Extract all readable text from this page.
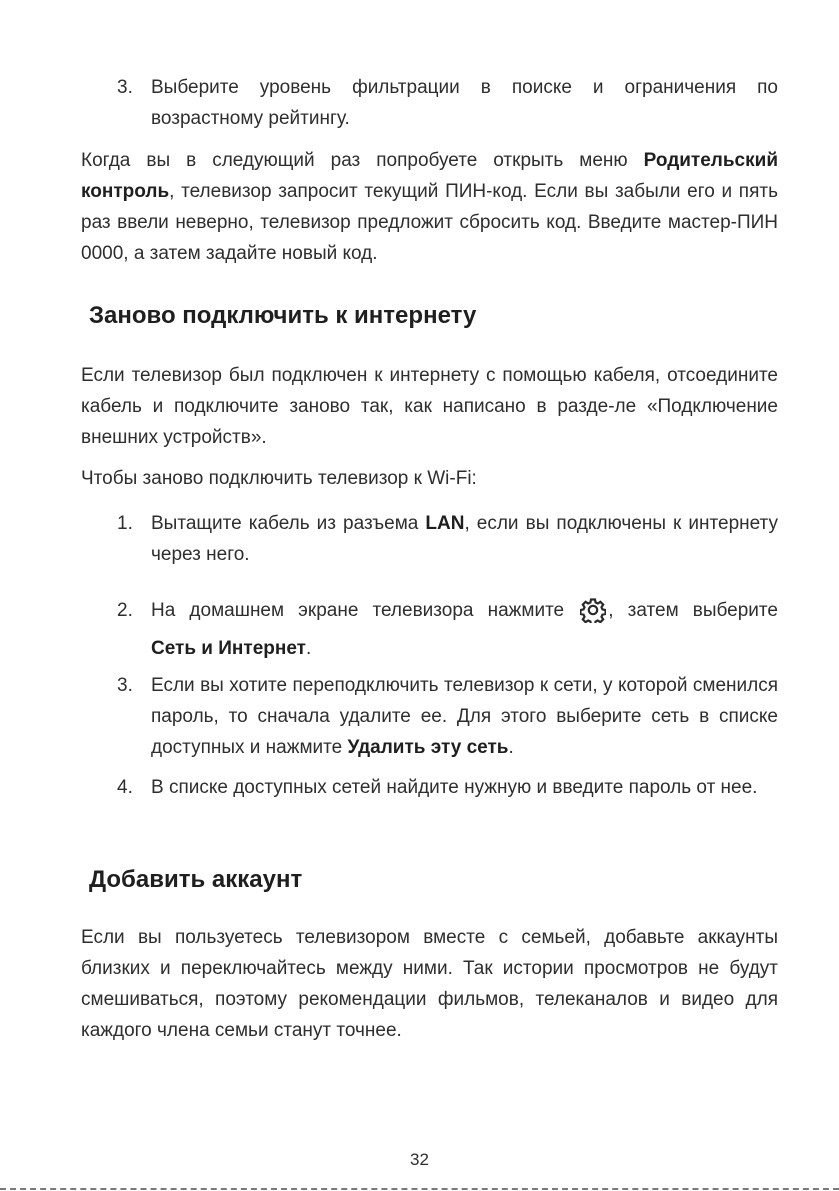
3. Выберите уровень фильтрации в поиске и ограничения по возрастному рейтингу.
Когда вы в следующий раз попробуете открыть меню Родительский контроль, телевизор запросит текущий ПИН-код. Если вы забыли его и пять раз ввели неверно, телевизор предложит сбросить код. Введите мастер-ПИН 0000, а затем задайте новый код.
Заново подключить к интернету
Если телевизор был подключен к интернету с помощью кабеля, отсоедините кабель и подключите заново так, как написано в разде-ле «Подключение внешних устройств».
Чтобы заново подключить телевизор к Wi-Fi:
1. Вытащите кабель из разъема LAN, если вы подключены к интернету через него.
2. На домашнем экране телевизора нажмите , затем выберите
Сеть и Интернет.
3. Если вы хотите переподключить телевизор к сети, у которой сменился пароль, то сначала удалите ее. Для этого выберите сеть в списке доступных и нажмите Удалить эту сеть.
4. В списке доступных сетей найдите нужную и введите пароль от нее.
Добавить аккаунт
Если вы пользуетесь телевизором вместе с семьей, добавьте аккаунты близких и переключайтесь между ними. Так истории просмотров не будут смешиваться, поэтому рекомендации фильмов, телеканалов и видео для каждого члена семьи станут точнее.
32
